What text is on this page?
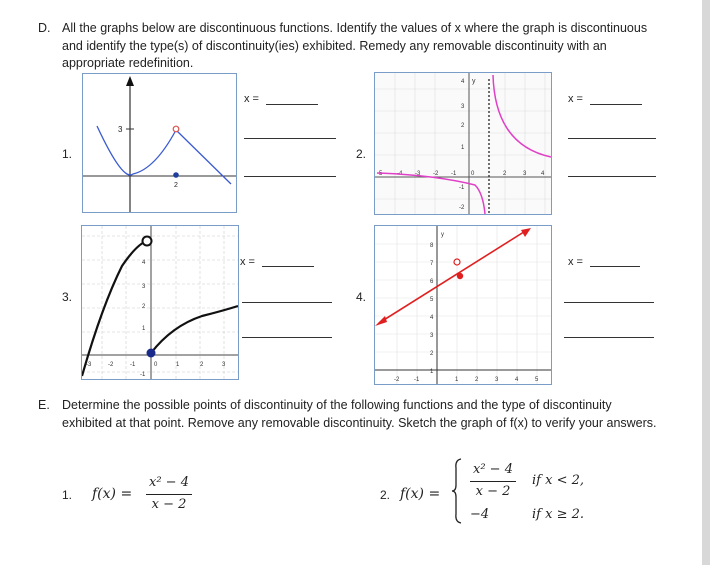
D. All the graphs below are discontinuous functions. Identify the values of x where the graph is discontinuous and identify the type(s) of discontinuity(ies) exhibited. Remedy any removable discontinuity with an appropriate redefinition.
1.
3
2
x =
2.
y
4
3
2
1
-1
-2
-5 -4 -3 -2 -1 0	2	3 4
x =
3.
4
3
2
1
-1
-3	-2	-1	0	1	2	3
x =
4.
y
8
7
6
5
4
3
2
1
-2 -1	1	2	3	4	5
x =
E. Determine the possible points of discontinuity of the following functions and the type of discontinuity exhibited at that point. Remove any removable discontinuity. Sketch the graph of f(x) to verify your answers.
1. f(x) =
x² − 4
x − 2
2. f(x) =
x² − 4
x − 2
if x < 2,
−4	if x ≥ 2.
